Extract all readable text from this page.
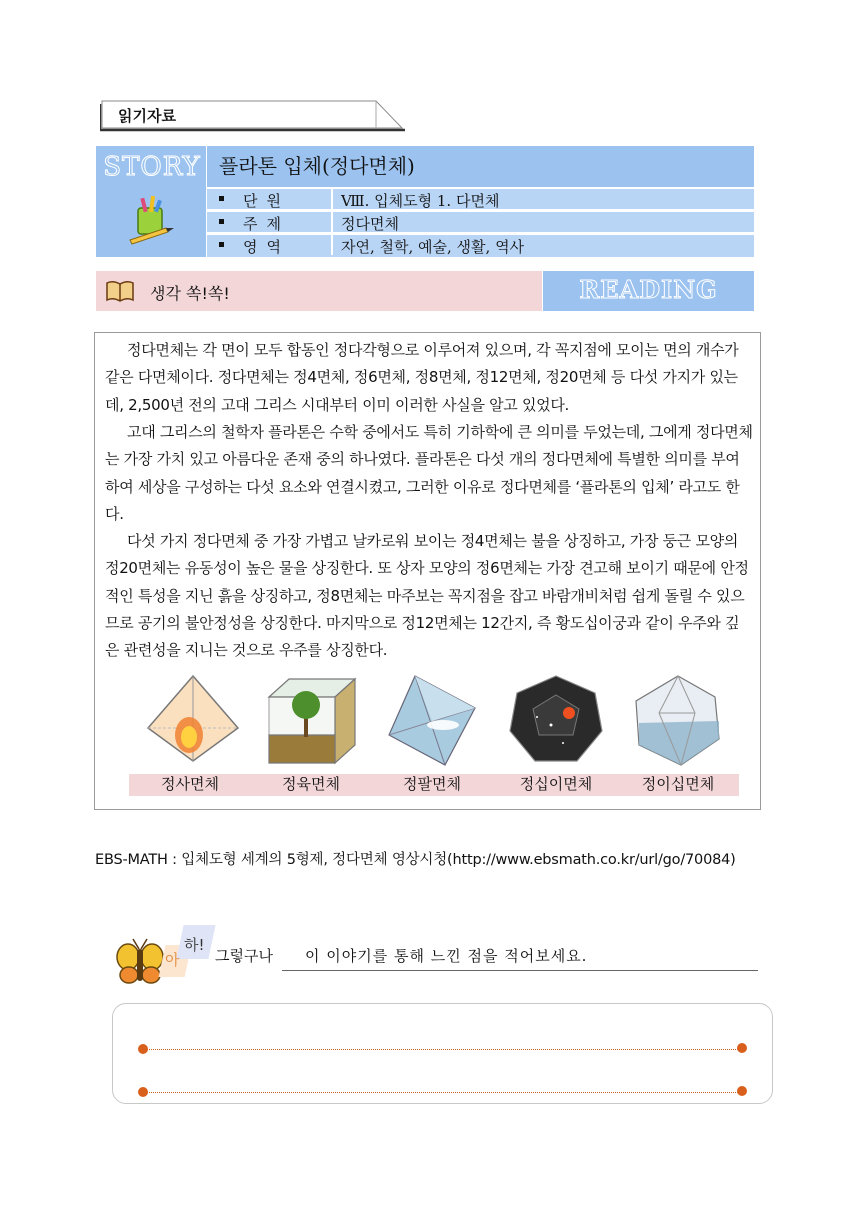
읽기자료
STORY 플라톤 입체(정다면체)
단원	Ⅷ. 입체도형 1. 다면체
주제	정다면체
영역	자연, 철학, 예술, 생활, 역사
생각 쏙!쏙!	READING

정다면체는 각 면이 모두 합동인 정다각형으로 이루어져 있으며, 각 꼭지점에 모이는 면의 개수가 같은 다면체이다. 정다면체는 정4면체, 정6면체, 정8면체, 정12면체, 정20면체 등 다섯 가지가 있는데, 2,500년 전의 고대 그리스 시대부터 이미 이러한 사실을 알고 있었다.

고대 그리스의 철학자 플라톤은 수학 중에서도 특히 기하학에 큰 의미를 두었는데, 그에게 정다면체는 가장 가치 있고 아름다운 존재 중의 하나였다. 플라톤은 다섯 개의 정다면체에 특별한 의미를 부여하여 세상을 구성하는 다섯 요소와 연결시켰고, 그러한 이유로 정다면체를 ‘플라톤의 입체’ 라고도 한다.

다섯 가지 정다면체 중 가장 가볍고 날카로워 보이는 정4면체는 불을 상징하고, 가장 둥근 모양의 정20면체는 유동성이 높은 물을 상징한다. 또 상자 모양의 정6면체는 가장 견고해 보이기 때문에 안정적인 특성을 지닌 흙을 상징하고, 정8면체는 마주보는 꼭지점을 잡고 바람개비처럼 쉽게 돌릴 수 있으므로 공기의 불안정성을 상징한다. 마지막으로 정12면체는 12간지, 즉 황도십이궁과 같이 우주와 깊은 관련성을 지니는 것으로 우주를 상징한다.

정사면체	정육면체	정팔면체	정십이면체	정이십면체
EBS-MATH : 입체도형 세계의 5형제, 정다면체 영상시청(http://www.ebsmath.co.kr/url/go/70084)
아
하!
그렇구나 이 이야기를 통해 느낀 점을 적어보세요.
